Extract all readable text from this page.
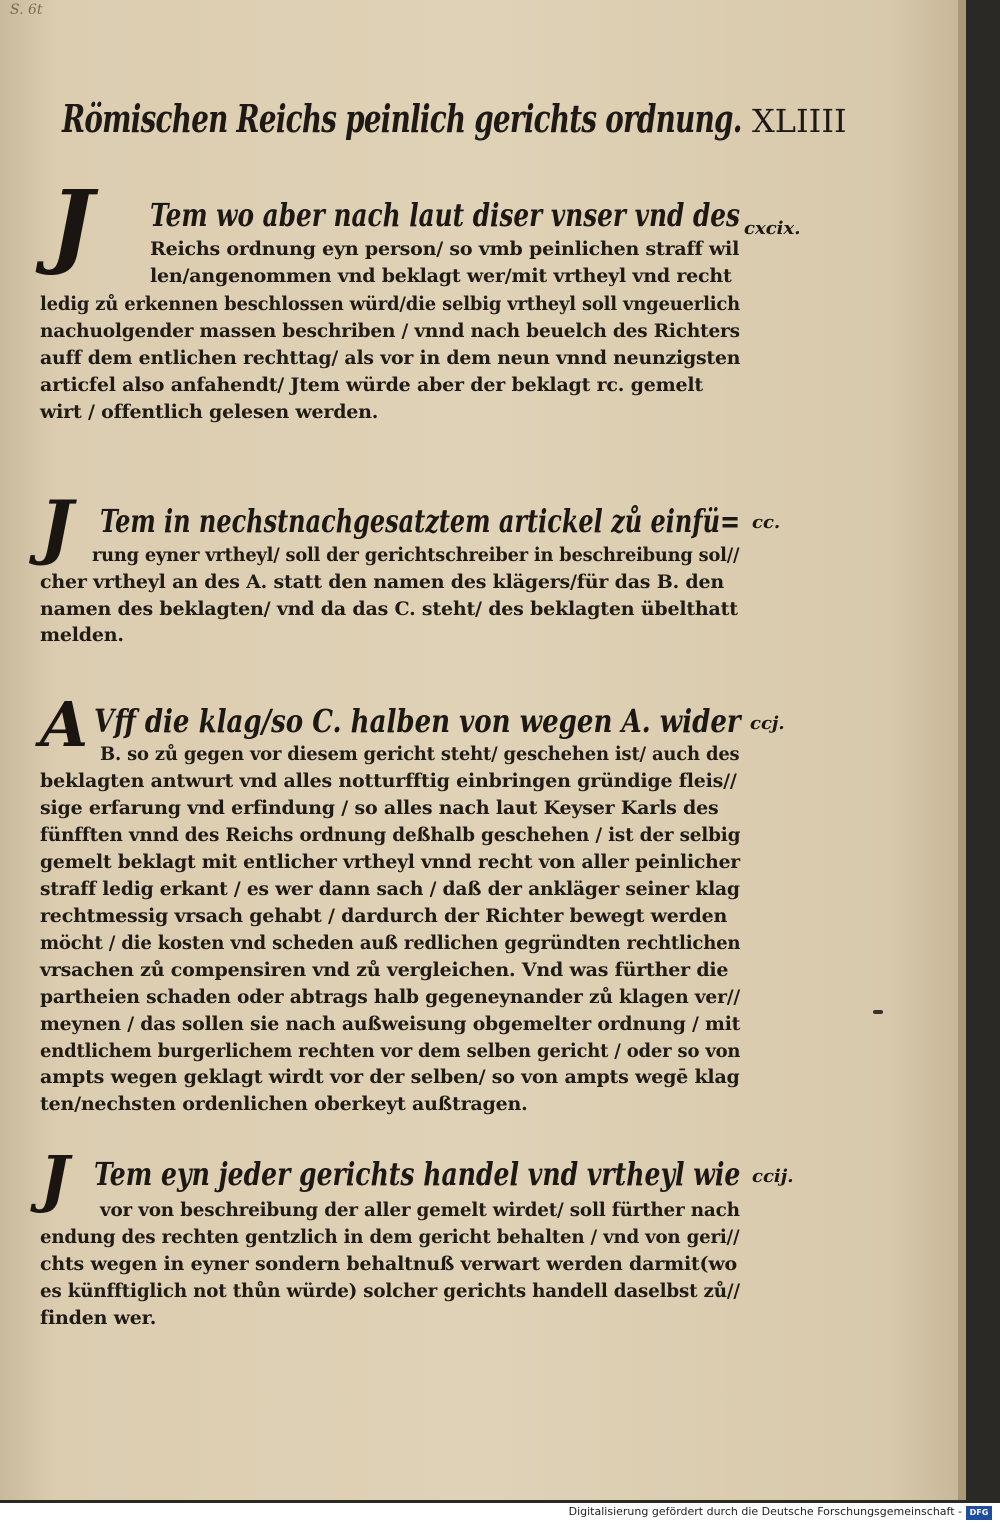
S. 6t
Römischen Reichs peinlich gerichts ordnung. XLIIII
J Tem wo aber nach laut diser vnser vnd des cxcix.
Reichs ordnung eyn person/ so vmb peinlichen straff wil
len/angenommen vnd beklagt wer/mit vrtheyl vnd recht
ledig zů erkennen beschlossen würd/die selbig vrtheyl soll vngeuerlich
nachuolgender massen beschriben / vnnd nach beuelch des Richters
auff dem entlichen rechttag/ als vor in dem neun vnnd neunzigsten
articfel also anfahendt/ Jtem würde aber der beklagt rc. gemelt
wirt / offentlich gelesen werden.
J Tem in nechstnachgesatztem artickel zů einfü= cc.
rung eyner vrtheyl/ soll der gerichtschreiber in beschreibung sol//
cher vrtheyl an des A. statt den namen des klägers/für das B. den
namen des beklagten/ vnd da das C. steht/ des beklagten übelthatt
melden.
A Vff die klag/so C. halben von wegen A. wider ccj.
B. so zů gegen vor diesem gericht steht/ geschehen ist/ auch des
beklagten antwurt vnd alles notturfftig einbringen gründige fleis//
sige erfarung vnd erfindung / so alles nach laut Keyser Karls des
fünfften vnnd des Reichs ordnung deßhalb geschehen / ist der selbig
gemelt beklagt mit entlicher vrtheyl vnnd recht von aller peinlicher
straff ledig erkant / es wer dann sach / daß der ankläger seiner klag
rechtmessig vrsach gehabt / dardurch der Richter bewegt werden
möcht / die kosten vnd scheden auß redlichen gegründten rechtlichen
vrsachen zů compensiren vnd zů vergleichen. Vnd was fürther die
partheien schaden oder abtrags halb gegeneynander zů klagen ver//
meynen / das sollen sie nach außweisung obgemelter ordnung / mit
endtlichem burgerlichem rechten vor dem selben gericht / oder so von
ampts wegen geklagt wirdt vor der selben/ so von ampts wegē klag
ten/nechsten ordenlichen oberkeyt außtragen.
J Tem eyn jeder gerichts handel vnd vrtheyl wie ccij.
vor von beschreibung der aller gemelt wirdet/ soll fürther nach
endung des rechten gentzlich in dem gericht behalten / vnd von geri//
chts wegen in eyner sondern behaltnuß verwart werden darmit(wo
es künfftiglich not thůn würde) solcher gerichts handell daselbst zů//
finden wer.
Digitalisierung gefördert durch die Deutsche Forschungsgemeinschaft - DFG
